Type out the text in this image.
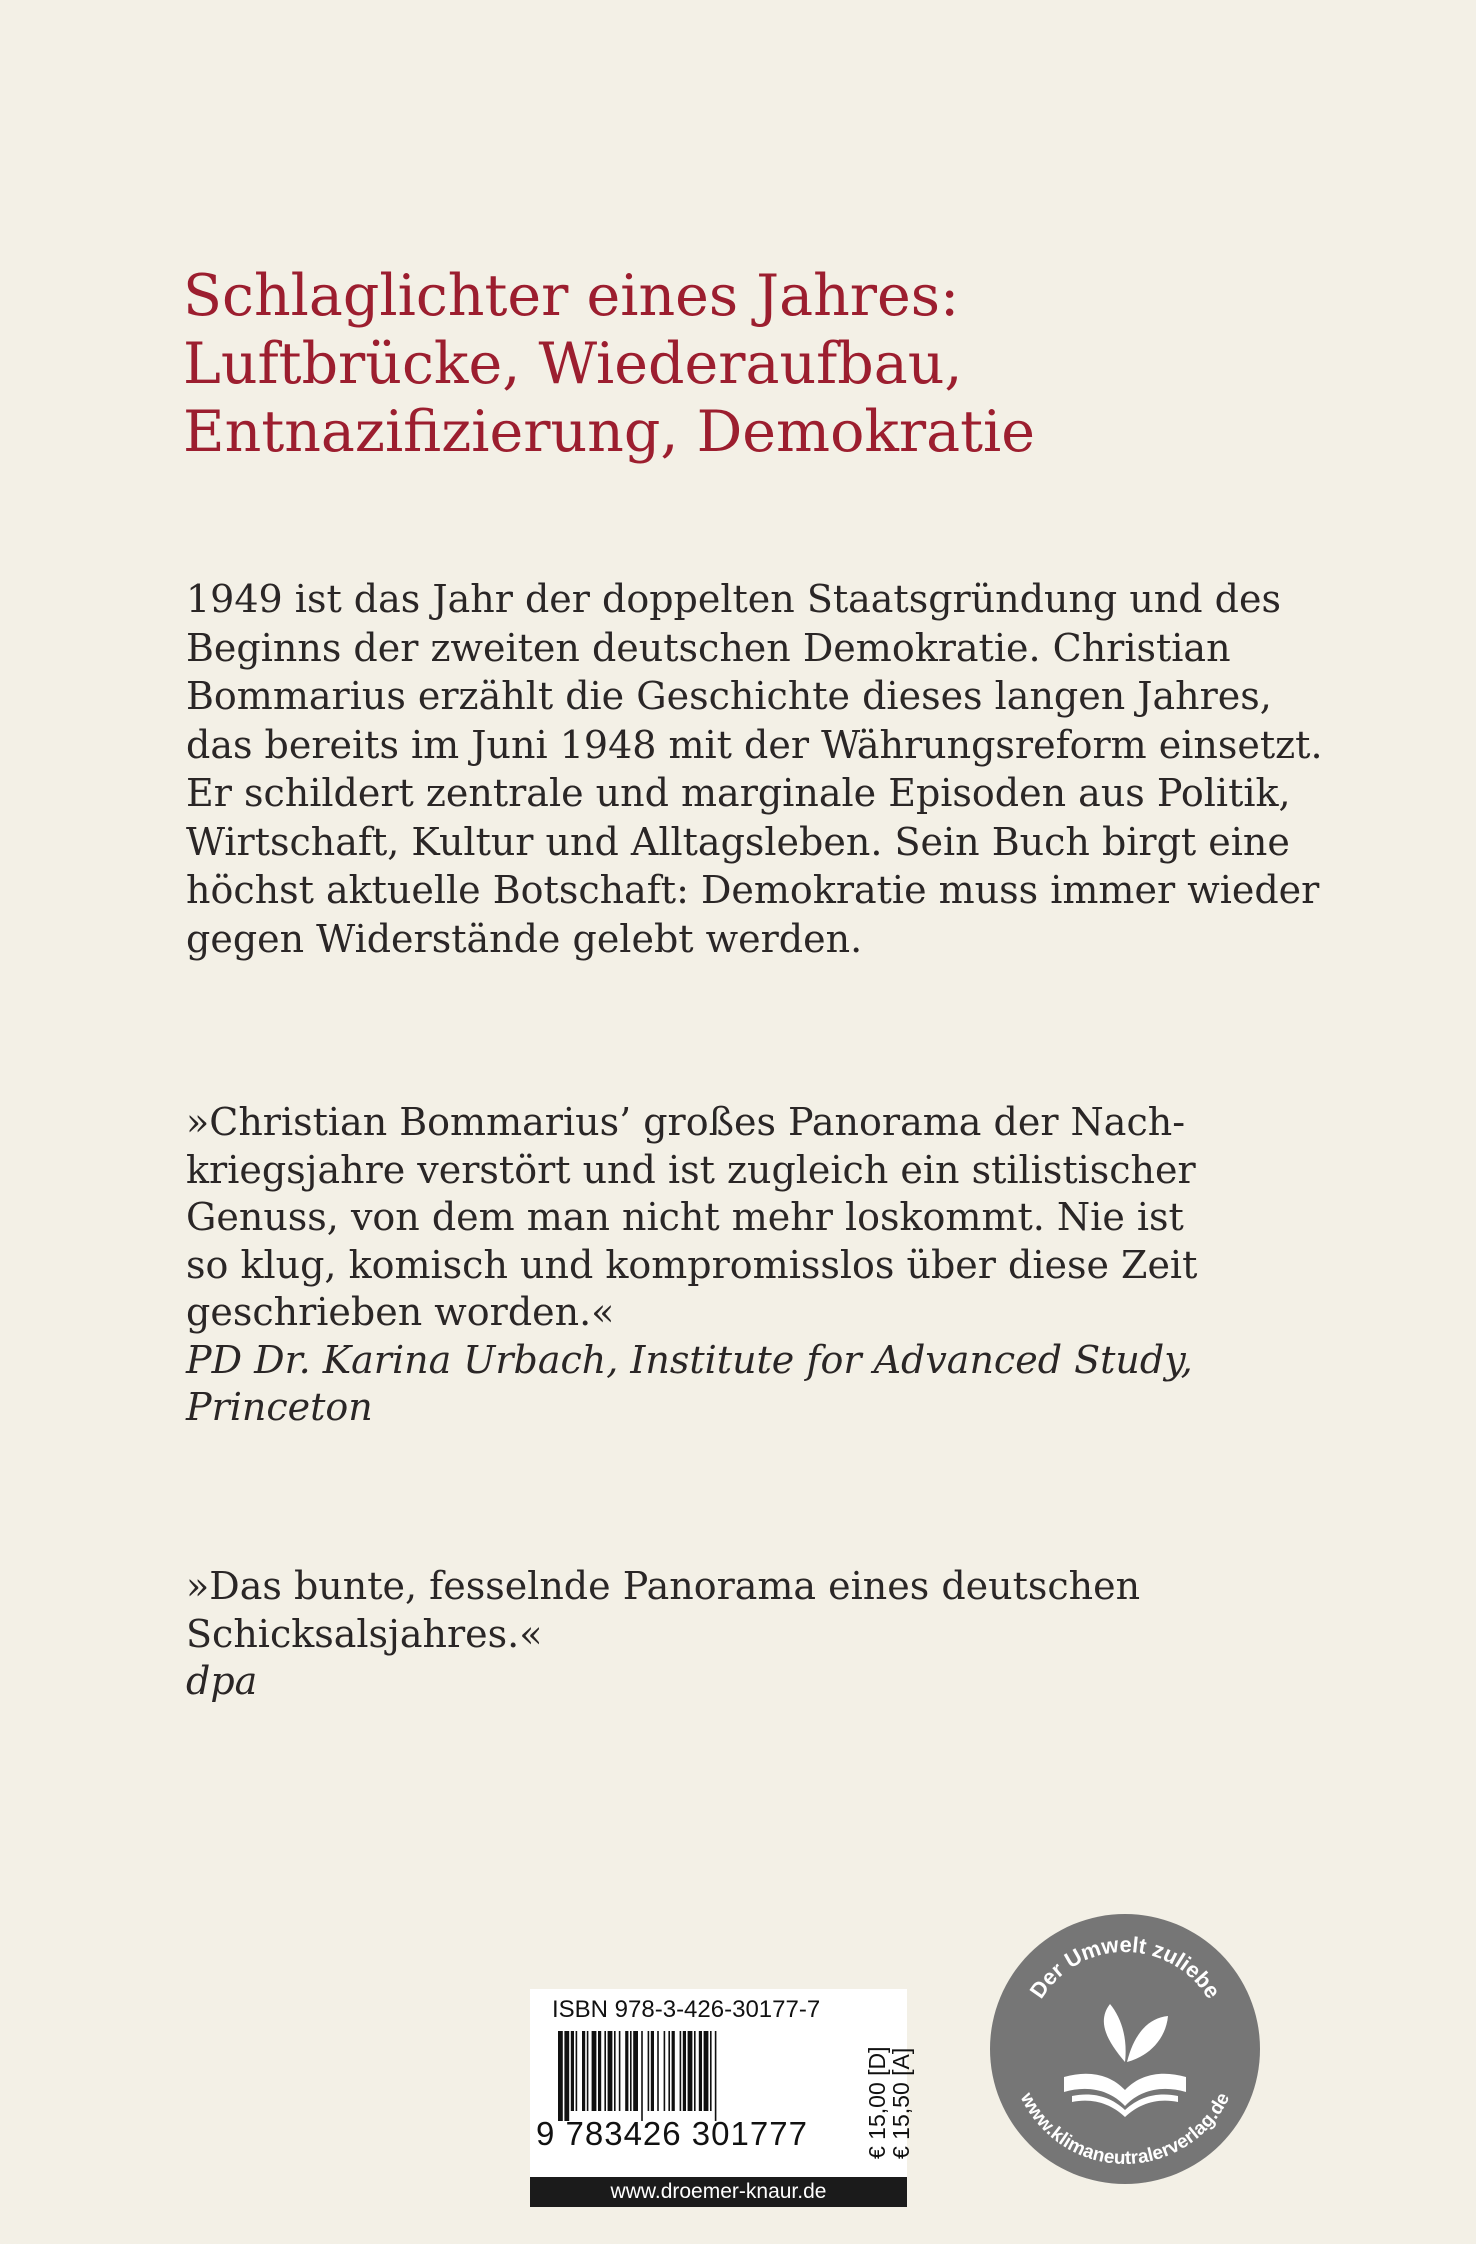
Schlaglichter eines Jahres:
Luftbrücke, Wiederaufbau,
Entnazifizierung, Demokratie

1949 ist das Jahr der doppelten Staatsgründung und des
Beginns der zweiten deutschen Demokratie. Christian
Bommarius erzählt die Geschichte dieses langen Jahres,
das bereits im Juni 1948 mit der Währungsreform einsetzt.
Er schildert zentrale und marginale Episoden aus Politik,
Wirtschaft, Kultur und Alltagsleben. Sein Buch birgt eine
höchst aktuelle Botschaft: Demokratie muss immer wieder
gegen Widerstände gelebt werden.

»Christian Bommarius’ großes Panorama der Nach-
kriegsjahre verstört und ist zugleich ein stilistischer
Genuss, von dem man nicht mehr loskommt. Nie ist
so klug, komisch und kompromisslos über diese Zeit
geschrieben worden.«
PD Dr. Karina Urbach, Institute for Advanced Study,
Princeton

»Das bunte, fesselnde Panorama eines deutschen
Schicksalsjahres.«
dpa

ISBN 978-3-426-30177-7
9 783426 301777 € 15,00 [D]
€ 15,50 [A]
www.droemer-knaur.de
Der Umwelt zuliebe
www.klimaneutralerverlag.de
